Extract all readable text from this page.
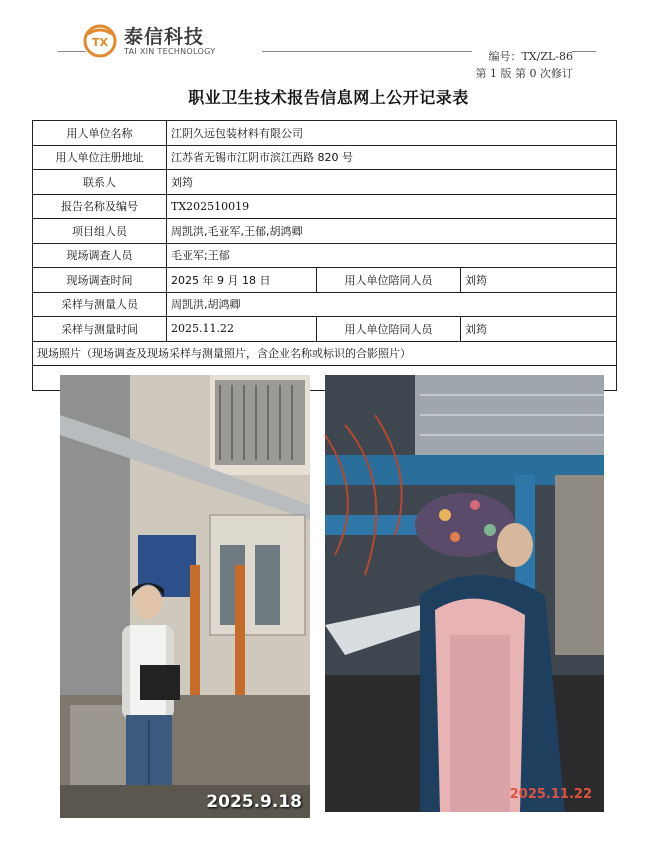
TX 泰信科技
TAI XIN TECHNOLOGY	编号：TX/ZL-86
第 1 版 第 0 次修订
职业卫生技术报告信息网上公开记录表
用人单位名称	江阴久远包装材料有限公司		
用人单位注册地址	江苏省无锡市江阴市滨江西路 820 号		
联系人	刘筠		
报告名称及编号	TX202510019		
项目组人员	周凯洪,毛亚军,王郁,胡鸿卿		
现场调查人员	毛亚军;王郁		
现场调查时间	2025 年 9 月 18 日	用人单位陪同人员	刘筠
采样与测量人员	周凯洪,胡鸿卿		
采样与测量时间	2025.11.22	用人单位陪同人员	刘筠
现场照片（现场调查及现场采样与测量照片，含企业名称或标识的合影照片）			

2025.9.18 2025.11.22			
